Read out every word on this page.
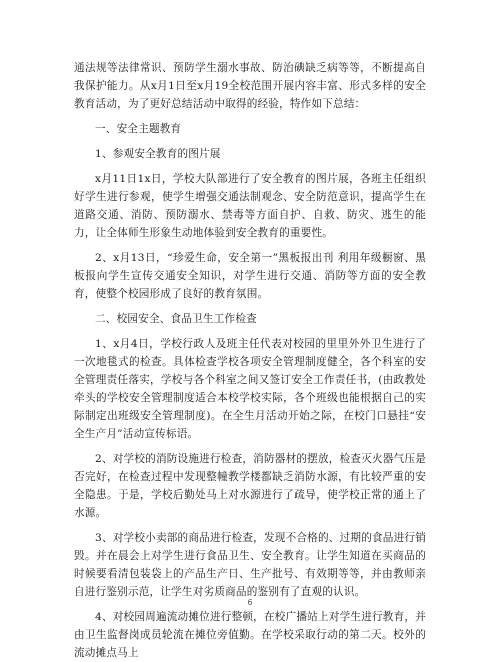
通法规等法律常识、预防学生溺水事故、防治碘缺乏病等等，不断提高自我保护能力。从x月1日至x月19全校范围开展内容丰富、形式多样的安全教育活动，为了更好总结活动中取得的经验，特作如下总结：

一、安全主题教育

1、参观安全教育的图片展

x月11日1x日，学校大队部进行了安全教育的图片展，各班主任组织好学生进行参观，使学生增强交通法制观念、安全防范意识，提高学生在道路交通、消防、预防溺水、禁毒等方面自护、自救、防灾、逃生的能力，让全体师生形象生动地体验到安全教育的重要性。

2、x月13日，“珍爱生命，安全第一”黑板报出刊 利用年级橱窗、黑板报向学生宣传交通安全知识，对学生进行交通、消防等方面的安全教育，使整个校园形成了良好的教育氛围。

二、校园安全、食品卫生工作检查

1、x月4日，学校行政人及班主任代表对校园的里里外外卫生进行了一次地毯式的检查。具体检查学校各项安全管理制度健全，各个科室的安全管理责任落实，学校与各个科室之间又签订安全工作责任书，(由政教处牵头的学校安全管理制度适合本校学校实际，各个班级也能根据自己的实际制定出班级安全管理制度)。在全生月活动开始之际，在校门口悬挂“安全生产月”活动宣传标语。

2、对学校的消防设施进行检查，消防器材的摆放，检查灭火器气压是否完好，在检查过程中发现整幢教学楼都缺乏消防水源，有比较严重的安全隐患。于是，学校后勤处马上对水源进行了疏导，使学校正常的通上了水源。

3、对学校小卖部的商品进行检查，发现不合格的、过期的食品进行销毁。并在晨会上对学生进行食品卫生、安全教育。让学生知道在买商品的时候要看清包装袋上的产品生产日、生产批号、有效期等等，并由教师亲自进行鉴别示范，让学生对劣质商品的鉴别有了直观的认识。

4、对校园周遍流动摊位进行整顿，在校广播站上对学生进行教育，并由卫生监督岗成员轮流在摊位旁值勤。在学校采取行动的第二天。校外的流动摊点马上

6
